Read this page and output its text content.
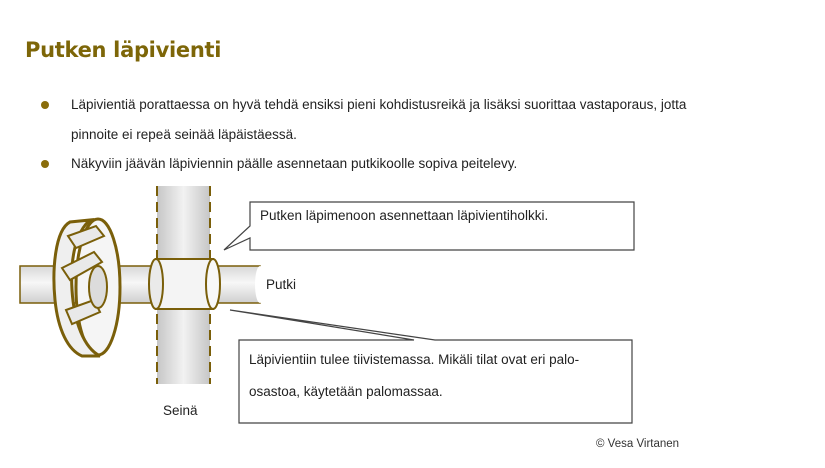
Putken läpivienti
Läpivientiä porattaessa on hyvä tehdä ensiksi pieni kohdistusreikä ja lisäksi suorittaa vastaporaus, jotta pinnoite ei repeä seinää läpäistäessä.
Näkyviin jäävän läpiviennin päälle asennetaan putkikoolle sopiva peitelevy.
Putken läpimenoon asennettaan läpivientiholkki.
Läpivientiin tulee tiivistemassa. Mikäli tilat ovat eri palo-osastoa, käytetään palomassaa.
Putki
Seinä
© Vesa Virtanen
